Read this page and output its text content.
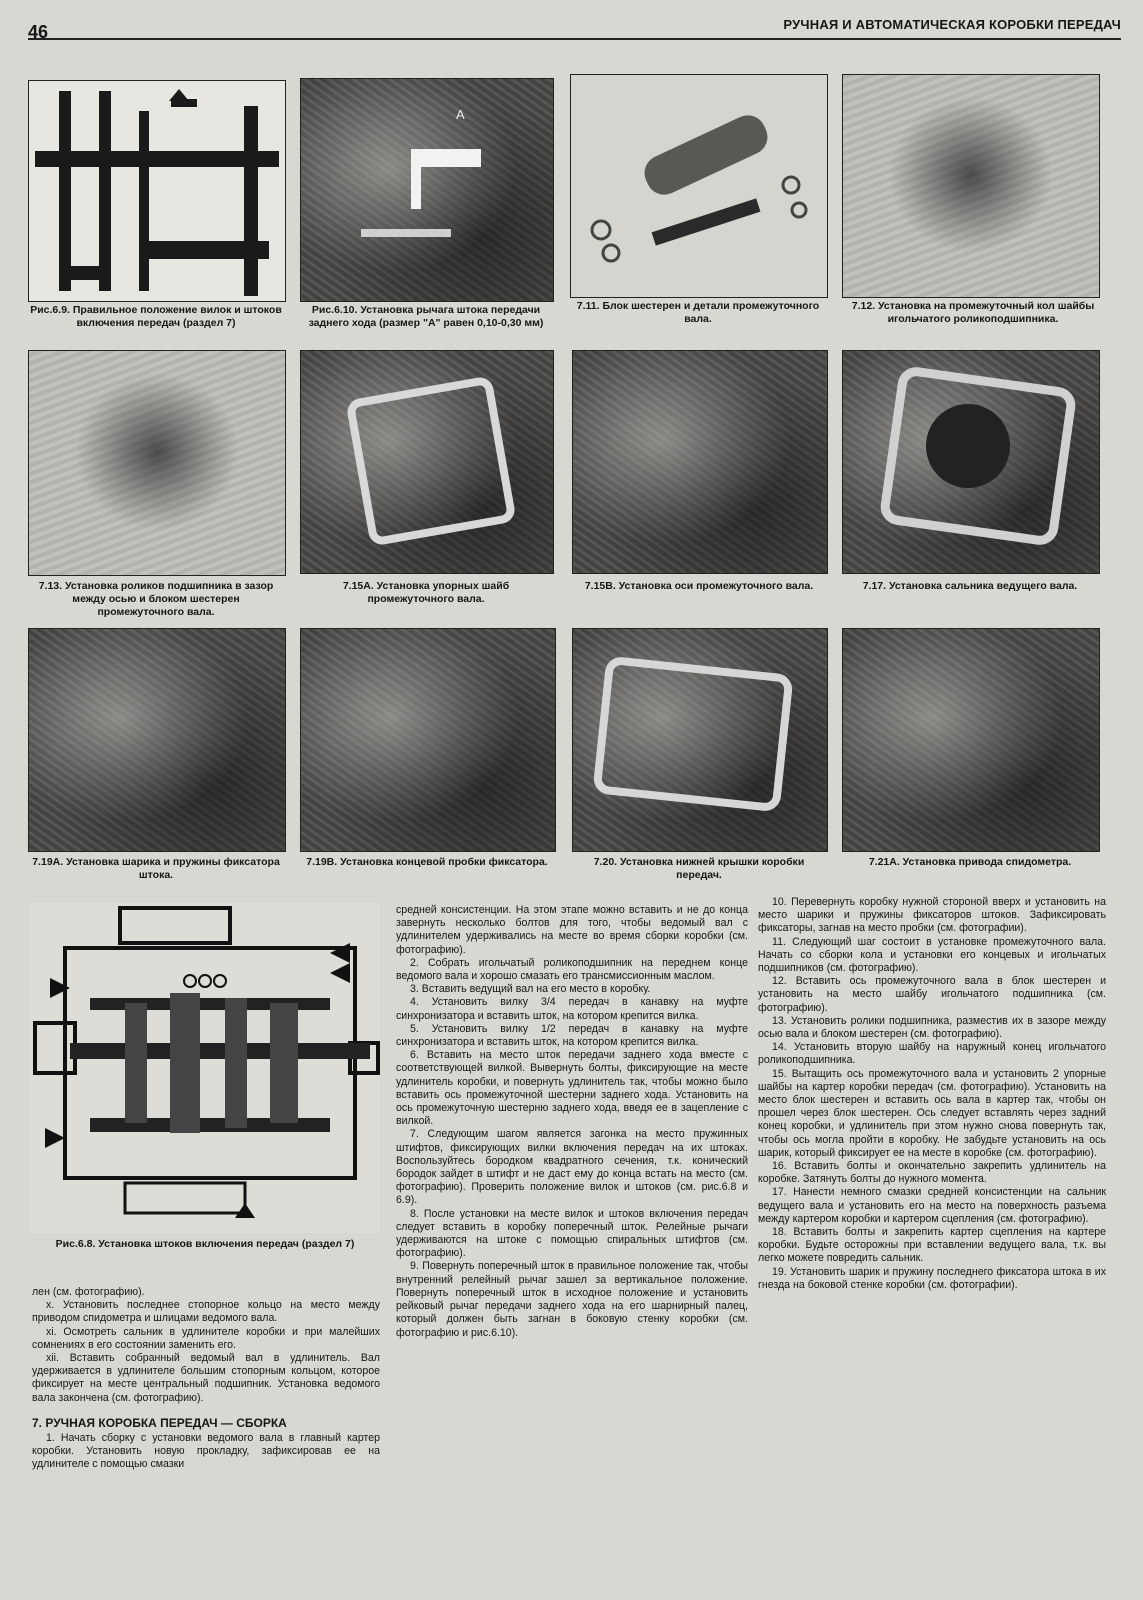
46	РУЧНАЯ И АВТОМАТИЧЕСКАЯ КОРОБКИ ПЕРЕДАЧ
Рис.6.9. Правильное положение вилок и штоков включения передач (раздел 7)
А
Рис.6.10. Установка рычага штока передачи заднего хода (размер "А" равен 0,10-0,30 мм)
7.11. Блок шестерен и детали промежуточного вала.
7.12. Установка на промежуточный кол шайбы игольчатого роликоподшипника.
7.13. Установка роликов подшипника в зазор между осью и блоком шестерен промежуточного вала.
7.15А. Установка упорных шайб промежуточного вала.
7.15В. Установка оси промежуточного вала.	7.17. Установка сальника ведущего вала.
7.19А. Установка шарика и пружины фиксатора штока.
7.19В. Установка концевой пробки фиксатора.	7.20. Установка нижней крышки коробки передач.
7.21А. Установка привода спидометра.
Рис.6.8. Установка штоков включения передач (раздел 7)

лен (см. фотографию).

x. Установить последнее стопорное кольцо на место между приводом спидометра и шлицами ведомого вала.

xi. Осмотреть сальник в удлинителе коробки и при малейших сомнениях в его состоянии заменить его.

xii. Вставить собранный ведомый вал в удлинитель. Вал удерживается в удлинителе большим стопорным кольцом, которое фиксирует на месте центральный подшипник. Установка ведомого вала закончена (см. фотографию).

7. РУЧНАЯ КОРОБКА ПЕРЕДАЧ — СБОРКА

1. Начать сборку с установки ведомого вала в главный картер коробки. Установить новую прокладку, зафиксировав ее на удлинителе с помощью смазки

средней консистенции. На этом этапе можно вставить и не до конца завернуть несколько болтов для того, чтобы ведомый вал с удлинителем удерживались на месте во время сборки коробки (см. фотографию).

2. Собрать игольчатый роликоподшипник на переднем конце ведомого вала и хорошо смазать его трансмиссионным маслом.

3. Вставить ведущий вал на его место в коробку.

4. Установить вилку 3/4 передач в канавку на муфте синхронизатора и вставить шток, на котором крепится вилка.

5. Установить вилку 1/2 передач в канавку на муфте синхронизатора и вставить шток, на котором крепится вилка.

6. Вставить на место шток передачи заднего хода вместе с соответствующей вилкой. Вывернуть болты, фиксирующие на месте удлинитель коробки, и повернуть удлинитель так, чтобы можно было вставить ось промежуточной шестерни заднего хода. Установить на ось промежуточную шестерню заднего хода, введя ее в зацепление с вилкой.

7. Следующим шагом является загонка на место пружинных штифтов, фиксирующих вилки включения передач на их штоках. Воспользуйтесь бородком квадратного сечения, т.к. конический бородок зайдет в штифт и не даст ему до конца встать на место (см. фотографию). Проверить положение вилок и штоков (см. рис.6.8 и 6.9).

8. После установки на месте вилок и штоков включения передач следует вставить в коробку поперечный шток. Релейные рычаги удерживаются на штоке с помощью спиральных штифтов (см. фотографию).

9. Повернуть поперечный шток в правильное положение так, чтобы внутренний релейный рычаг зашел за вертикальное положение. Повернуть поперечный шток в исходное положение и установить рейковый рычаг передачи заднего хода на его шарнирный палец, который должен быть загнан в боковую стенку коробки (см. фотографию и рис.6.10).

10. Перевернуть коробку нужной стороной вверх и установить на место шарики и пружины фиксаторов штоков. Зафиксировать фиксаторы, загнав на место пробки (см. фотографии).

11. Следующий шаг состоит в установке промежуточного вала. Начать со сборки кола и установки его концевых и игольчатых подшипников (см. фотографию).

12. Вставить ось промежуточного вала в блок шестерен и установить на место шайбу игольчатого подшипника (см. фотографию).

13. Установить ролики подшипника, разместив их в зазоре между осью вала и блоком шестерен (см. фотографию).

14. Установить вторую шайбу на наружный конец игольчатого роликоподшипника.

15. Вытащить ось промежуточного вала и установить 2 упорные шайбы на картер коробки передач (см. фотографию). Установить на место блок шестерен и вставить ось вала в картер так, чтобы он прошел через блок шестерен. Ось следует вставлять через задний конец коробки, и удлинитель при этом нужно снова повернуть так, чтобы ось могла пройти в коробку. Не забудьте установить на ось шарик, который фиксирует ее на месте в коробке (см. фотографию).

16. Вставить болты и окончательно закрепить удлинитель на коробке. Затянуть болты до нужного момента.

17. Нанести немного смазки средней консистенции на сальник ведущего вала и установить его на место на поверхность разъема между картером коробки и картером сцепления (см. фотографию).

18. Вставить болты и закрепить картер сцепления на картере коробки. Будьте осторожны при вставлении ведущего вала, т.к. вы легко можете повредить сальник.

19. Установить шарик и пружину последнего фиксатора штока в их гнезда на боковой стенке коробки (см. фотографии).
